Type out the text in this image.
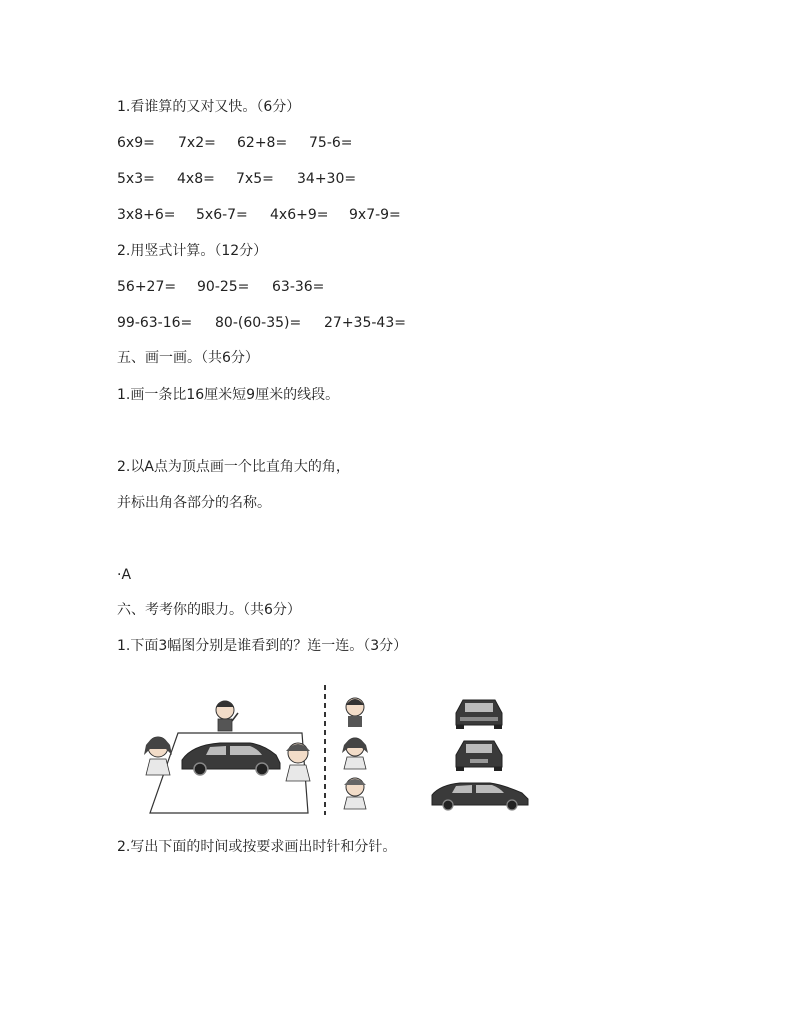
1.看谁算的又对又快。（6分）
6x9= 7x2= 62+8= 75-6=
5x3= 4x8= 7x5= 34+30=
3x8+6= 5x6-7= 4x6+9= 9x7-9=
2.用竖式计算。（12分）
56+27= 90-25= 63-36=
99-63-16= 80-(60-35)= 27+35-43=
五、画一画。（共6分）
1.画一条比16厘米短9厘米的线段。
2.以A点为顶点画一个比直角大的角，
并标出角各部分的名称。
·A
六、考考你的眼力。（共6分）
1.下面3幅图分别是谁看到的？连一连。（3分）
2.写出下面的时间或按要求画出时针和分针。
